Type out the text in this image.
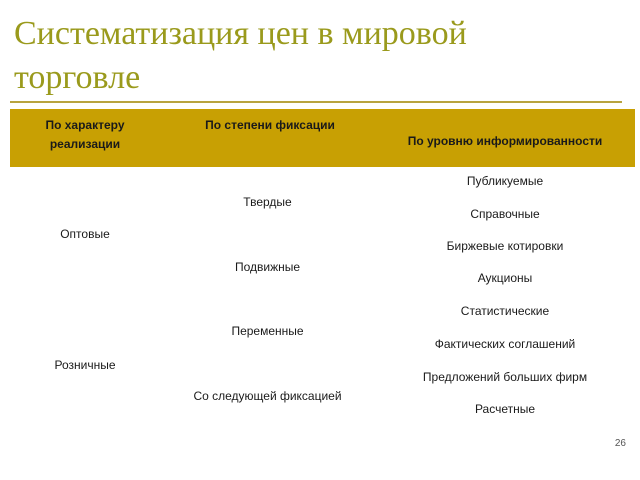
Систематизация цен в мировой торговле
По характеру реализации
По степени фиксации
По уровню информированности
Оптовые
Розничные
Твердые
Подвижные
Переменные
Со следующей фиксацией
Публикуемые
Справочные
Биржевые котировки
Аукционы
Статистические
Фактических соглашений
Предложений больших фирм
Расчетные
26
